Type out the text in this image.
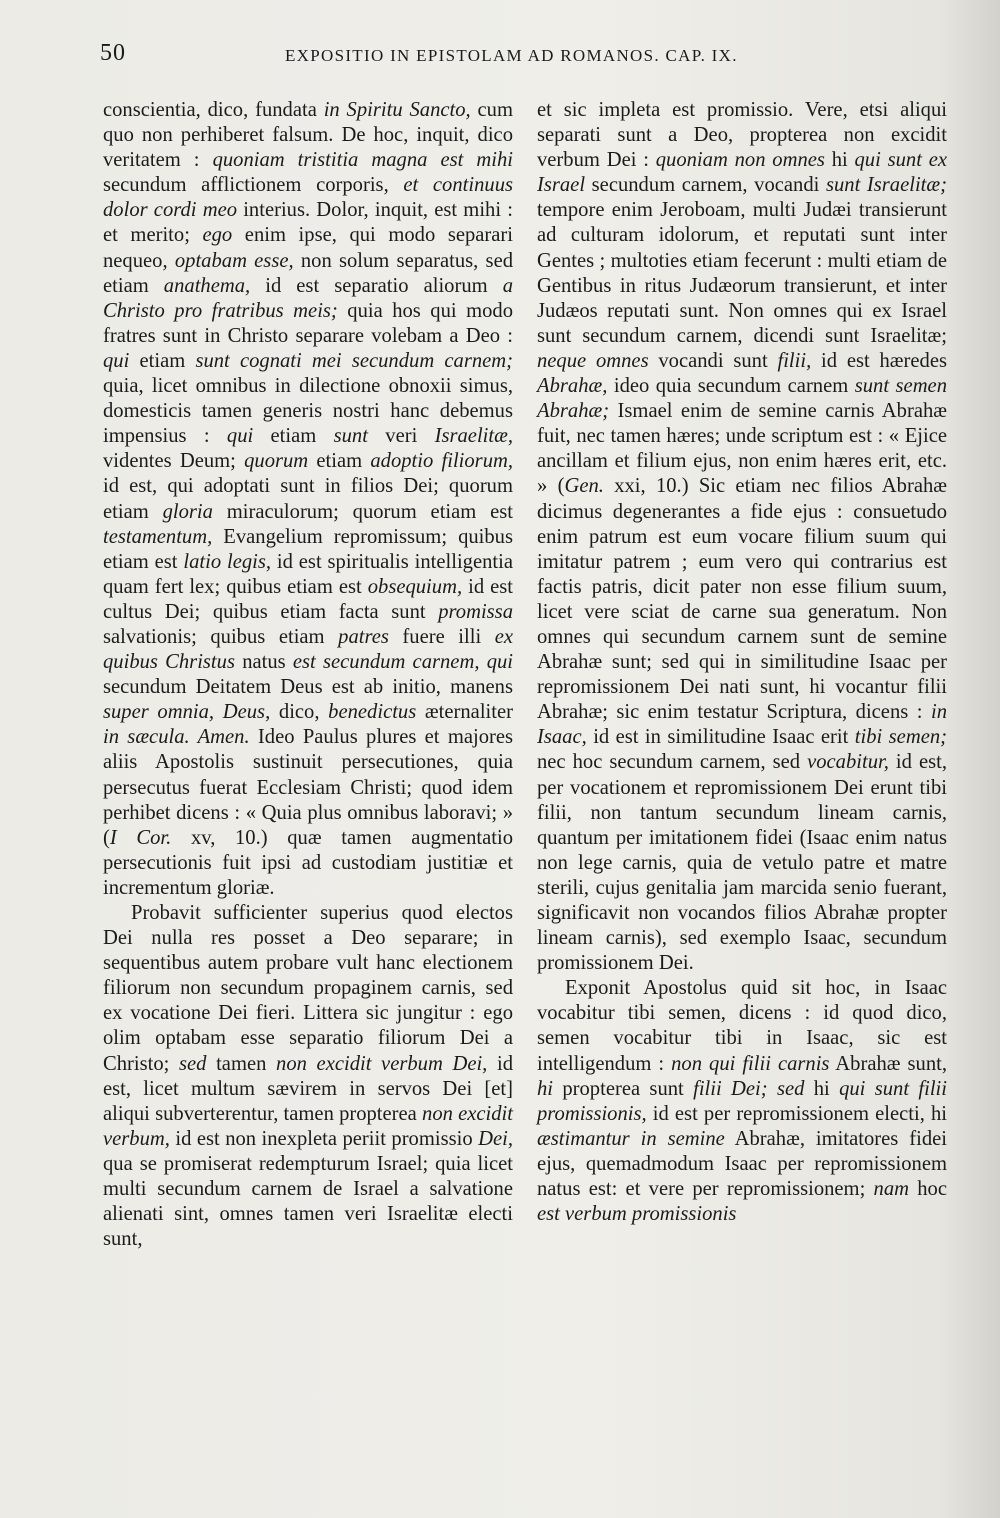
50	EXPOSITIO IN EPISTOLAM AD ROMANOS. CAP. IX.

conscientia, dico, fundata in Spiritu Sancto, cum quo non perhiberet falsum. De hoc, inquit, dico veritatem : quoniam tristitia magna est mihi secundum afflictionem corporis, et continuus dolor cordi meo interius. Dolor, inquit, est mihi : et merito; ego enim ipse, qui modo separari nequeo, optabam esse, non solum separatus, sed etiam anathema, id est separatio aliorum a Christo pro fratribus meis; quia hos qui modo fratres sunt in Christo separare volebam a Deo : qui etiam sunt cognati mei secundum carnem; quia, licet omnibus in dilectione obnoxii simus, domesticis tamen generis nostri hanc debemus impensius : qui etiam sunt veri Israelitæ, videntes Deum; quorum etiam adoptio filiorum, id est, qui adoptati sunt in filios Dei; quorum etiam gloria miraculorum; quorum etiam est testamentum, Evangelium repromissum; quibus etiam est latio legis, id est spiritualis intelligentia quam fert lex; quibus etiam est obsequium, id est cultus Dei; quibus etiam facta sunt promissa salvationis; quibus etiam patres fuere illi ex quibus Christus natus est secundum carnem, qui secundum Deitatem Deus est ab initio, manens super omnia, Deus, dico, benedictus æternaliter in sæcula. Amen. Ideo Paulus plures et majores aliis Apostolis sustinuit persecutiones, quia persecutus fuerat Ecclesiam Christi; quod idem perhibet dicens : « Quia plus omnibus laboravi; » (I Cor. xv, 10.) quæ tamen augmentatio persecutionis fuit ipsi ad custodiam justitiæ et incrementum gloriæ.

Probavit sufficienter superius quod electos Dei nulla res posset a Deo separare; in sequentibus autem probare vult hanc electionem filiorum non secundum propaginem carnis, sed ex vocatione Dei fieri. Littera sic jungitur : ego olim optabam esse separatio filiorum Dei a Christo; sed tamen non excidit verbum Dei, id est, licet multum sævirem in servos Dei [et] aliqui subverterentur, tamen propterea non excidit verbum, id est non inexpleta periit promissio Dei, qua se promiserat redempturum Israel; quia licet multi secundum carnem de Israel a salvatione alienati sint, omnes tamen veri Israelitæ electi sunt,

et sic impleta est promissio. Vere, etsi aliqui separati sunt a Deo, propterea non excidit verbum Dei : quoniam non omnes hi qui sunt ex Israel secundum carnem, vocandi sunt Israelitæ; tempore enim Jeroboam, multi Judæi transierunt ad culturam idolorum, et reputati sunt inter Gentes ; multoties etiam fecerunt : multi etiam de Gentibus in ritus Judæorum transierunt, et inter Judæos reputati sunt. Non omnes qui ex Israel sunt secundum carnem, dicendi sunt Israelitæ; neque omnes vocandi sunt filii, id est hæredes Abrahæ, ideo quia secundum carnem sunt semen Abrahæ; Ismael enim de semine carnis Abrahæ fuit, nec tamen hæres; unde scriptum est : « Ejice ancillam et filium ejus, non enim hæres erit, etc. » (Gen. xxi, 10.) Sic etiam nec filios Abrahæ dicimus degenerantes a fide ejus : consuetudo enim patrum est eum vocare filium suum qui imitatur patrem ; eum vero qui contrarius est factis patris, dicit pater non esse filium suum, licet vere sciat de carne sua generatum. Non omnes qui secundum carnem sunt de semine Abrahæ sunt; sed qui in similitudine Isaac per repromissionem Dei nati sunt, hi vocantur filii Abrahæ; sic enim testatur Scriptura, dicens : in Isaac, id est in similitudine Isaac erit tibi semen; nec hoc secundum carnem, sed vocabitur, id est, per vocationem et repromissionem Dei erunt tibi filii, non tantum secundum lineam carnis, quantum per imitationem fidei (Isaac enim natus non lege carnis, quia de vetulo patre et matre sterili, cujus genitalia jam marcida senio fuerant, significavit non vocandos filios Abrahæ propter lineam carnis), sed exemplo Isaac, secundum promissionem Dei.

Exponit Apostolus quid sit hoc, in Isaac vocabitur tibi semen, dicens : id quod dico, semen vocabitur tibi in Isaac, sic est intelligendum : non qui filii carnis Abrahæ sunt, hi propterea sunt filii Dei; sed hi qui sunt filii promissionis, id est per repromissionem electi, hi æstimantur in semine Abrahæ, imitatores fidei ejus, quemadmodum Isaac per repromissionem natus est: et vere per repromissionem; nam hoc est verbum promissionis
